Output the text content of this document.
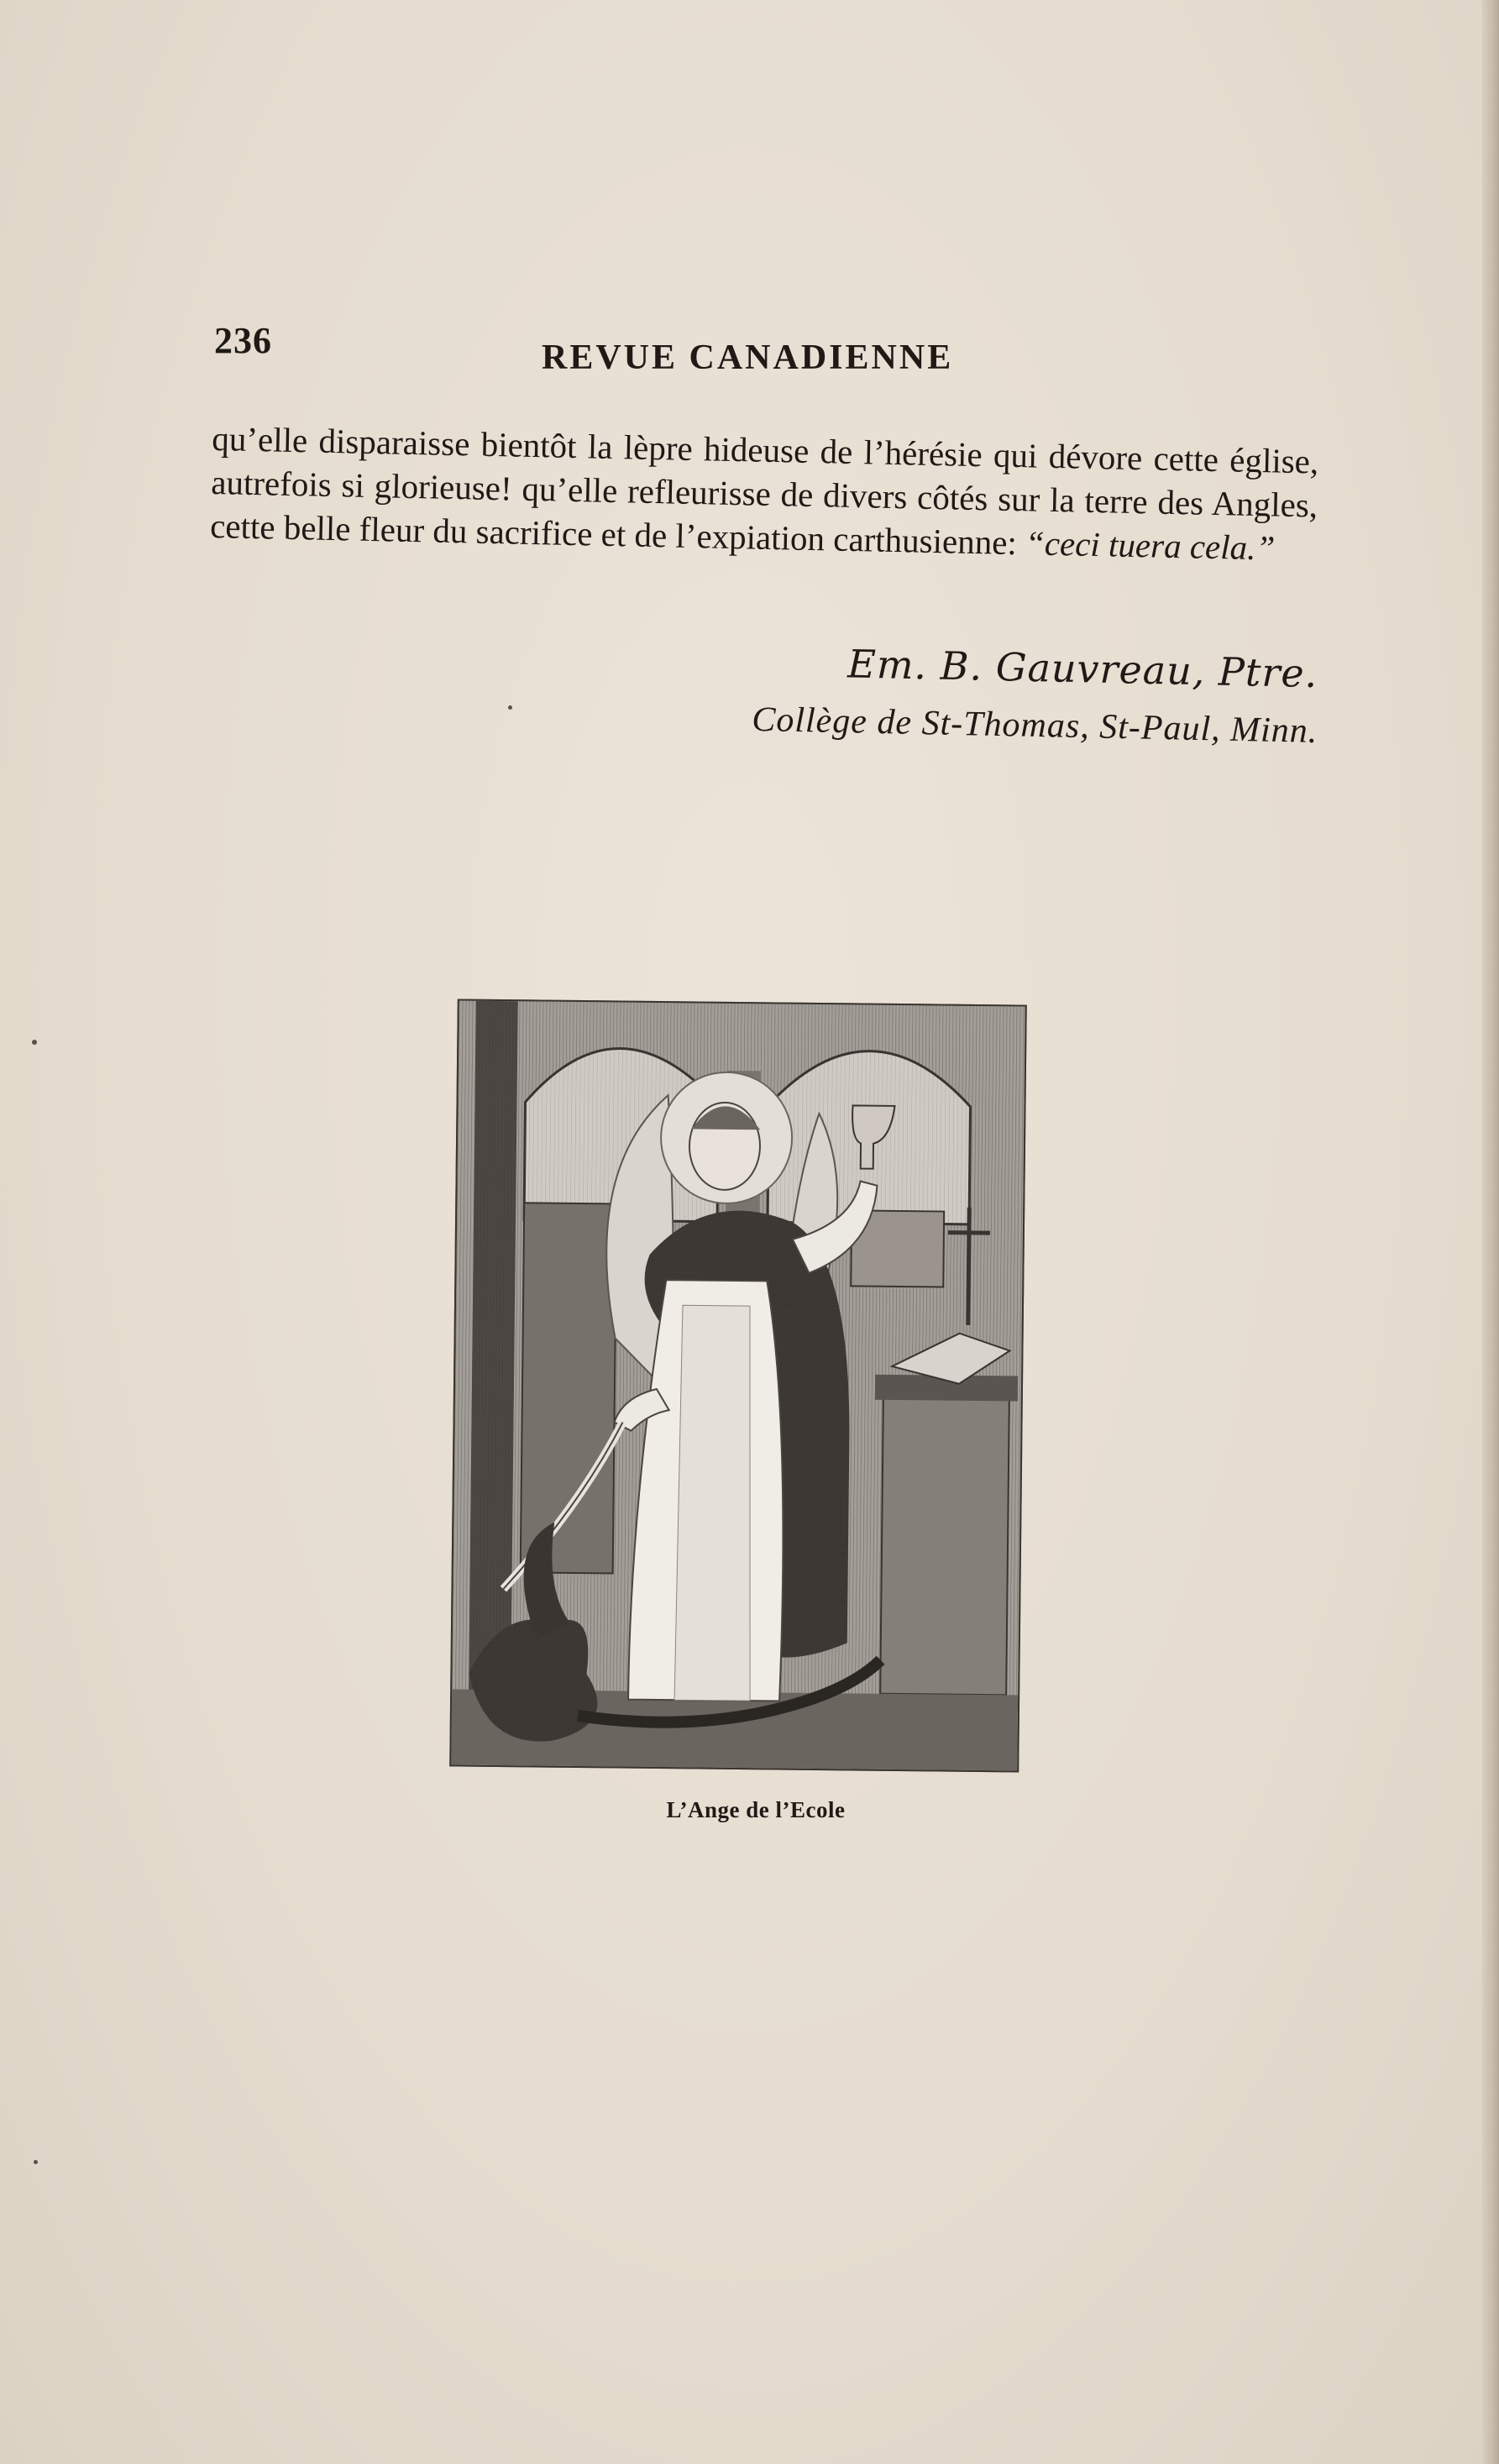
236	REVUE CANADIENNE

qu’elle disparaisse bientôt la lèpre hideuse de l’hérésie qui dévore cette église, autrefois si glorieuse! qu’elle refleurisse de divers côtés sur la terre des Angles, cette belle fleur du sacrifice et de l’expiation carthusienne: “ceci tuera cela.”

Em. B. Gauvreau, Ptre.
Collège de St-Thomas, St-Paul, Minn.
L’Ange de l’Ecole
